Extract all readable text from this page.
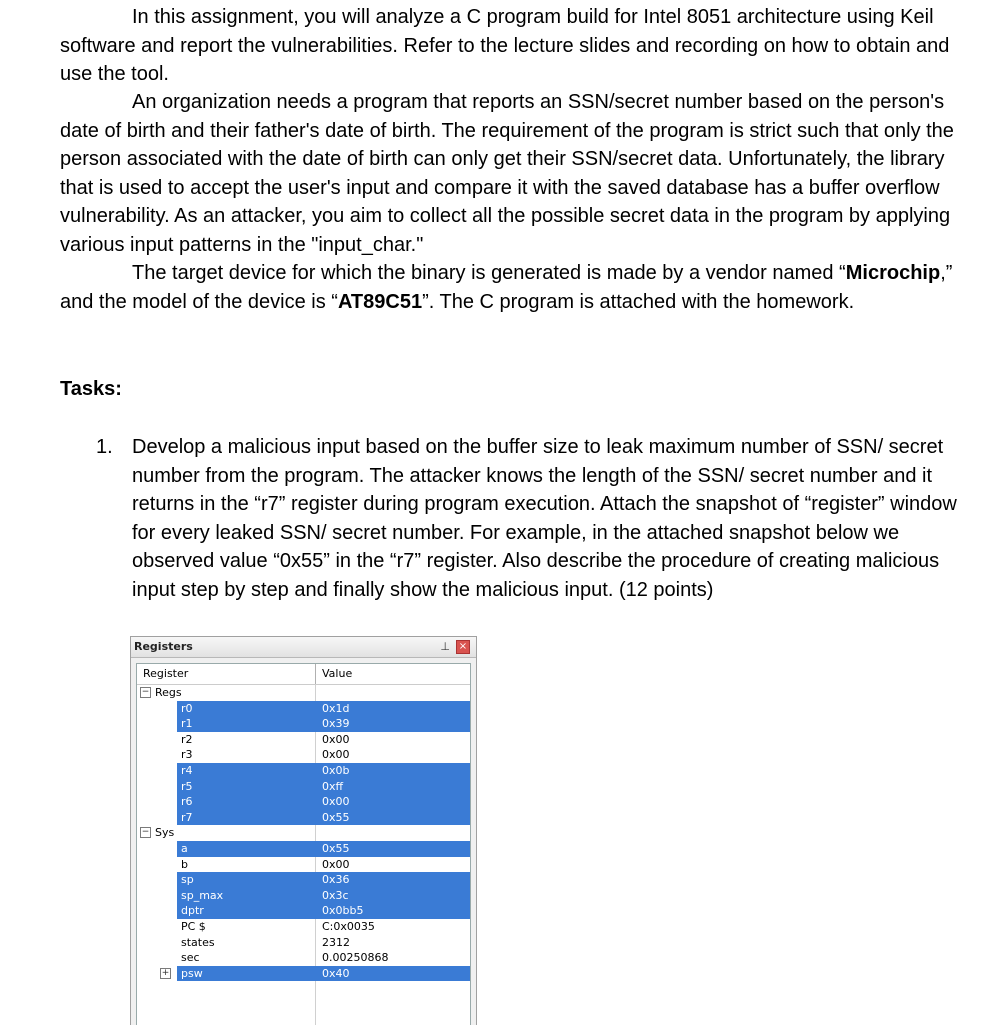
In this assignment, you will analyze a C program build for Intel 8051 architecture using Keil software and report the vulnerabilities. Refer to the lecture slides and recording on how to obtain and use the tool.
An organization needs a program that reports an SSN/secret number based on the person's date of birth and their father's date of birth. The requirement of the program is strict such that only the person associated with the date of birth can only get their SSN/secret data. Unfortunately, the library that is used to accept the user's input and compare it with the saved database has a buffer overflow vulnerability. As an attacker, you aim to collect all the possible secret data in the program by applying various input patterns in the "input_char."
The target device for which the binary is generated is made by a vendor named “Microchip,” and the model of the device is “AT89C51”. The C program is attached with the homework.
Tasks:
1. Develop a malicious input based on the buffer size to leak maximum number of SSN/ secret number from the program. The attacker knows the length of the SSN/ secret number and it returns in the “r7” register during program execution. Attach the snapshot of “register” window for every leaked SSN/ secret number. For example, in the attached snapshot below we observed value “0x55” in the “r7” register. Also describe the procedure of creating malicious input step by step and finally show the malicious input. (12 points)
Registers	⊥ ×
Register	Value
− Regs
r0	0x1d
r1	0x39
r2	0x00
r3	0x00
r4	0x0b
r5	0xff
r6	0x00
r7	0x55
− Sys
a	0x55
b	0x00
sp	0x36
sp_max	0x3c
dptr	0x0bb5
PC $	C:0x0035
states	2312
sec	0.00250868
+ psw	0x40
